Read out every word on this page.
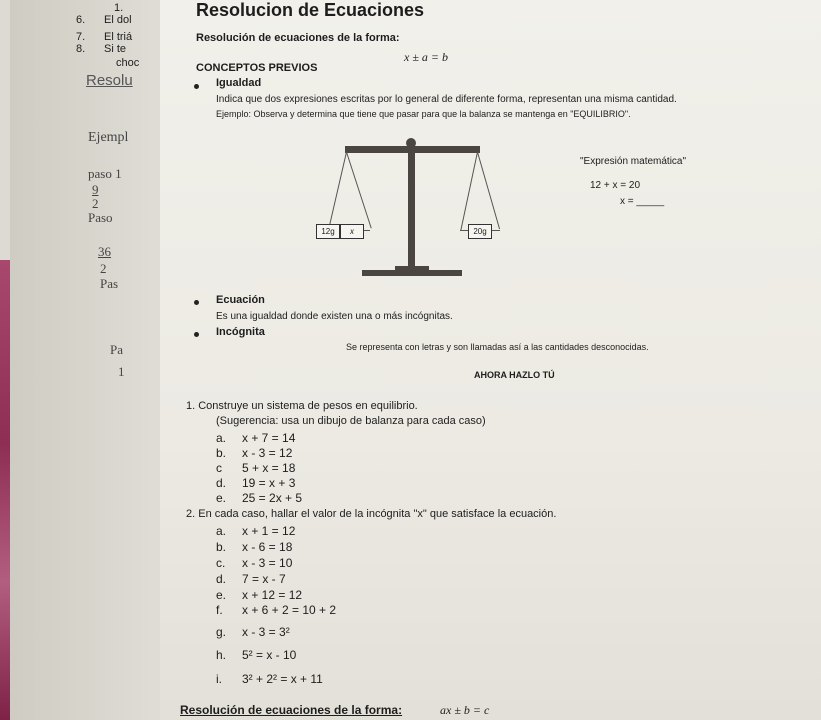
1.
6. El dol
7. El triá
8. Si te
choc
Resolu
Ejempl
paso 1
9
2
Paso
36
2
Pas
Pa
1
Resolucion de Ecuaciones
Resolución de ecuaciones de la forma:
x ± a = b
CONCEPTOS PREVIOS
Igualdad
Indica que dos expresiones escritas por lo general de diferente forma, representan una misma cantidad.
Ejemplo: Observa y determina que tiene que pasar para que la balanza se mantenga en "EQUILIBRIO".
12g	x	20g
"Expresión matemática"
12 + x = 20
x = _____
Ecuación
Es una igualdad donde existen una o más incógnitas.
Incógnita
Se representa con letras y son llamadas así a las cantidades desconocidas.
AHORA HAZLO TÚ
1. Construye un sistema de pesos en equilibrio.
(Sugerencia: usa un dibujo de balanza para cada caso)
a. x + 7 = 14
b. x - 3 = 12
c 5 + x = 18
d. 19 = x + 3
e. 25 = 2x + 5
2. En cada caso, hallar el valor de la incógnita "x" que satisface la ecuación.
a. x + 1 = 12
b. x - 6 = 18
c. x - 3 = 10
d. 7 = x - 7
e. x + 12 = 12
f. x + 6 + 2 = 10 + 2
g. x - 3 = 3²
h. 5² = x - 10
i. 3² + 2² = x + 11
Resolución de ecuaciones de la forma:	ax ± b = c
